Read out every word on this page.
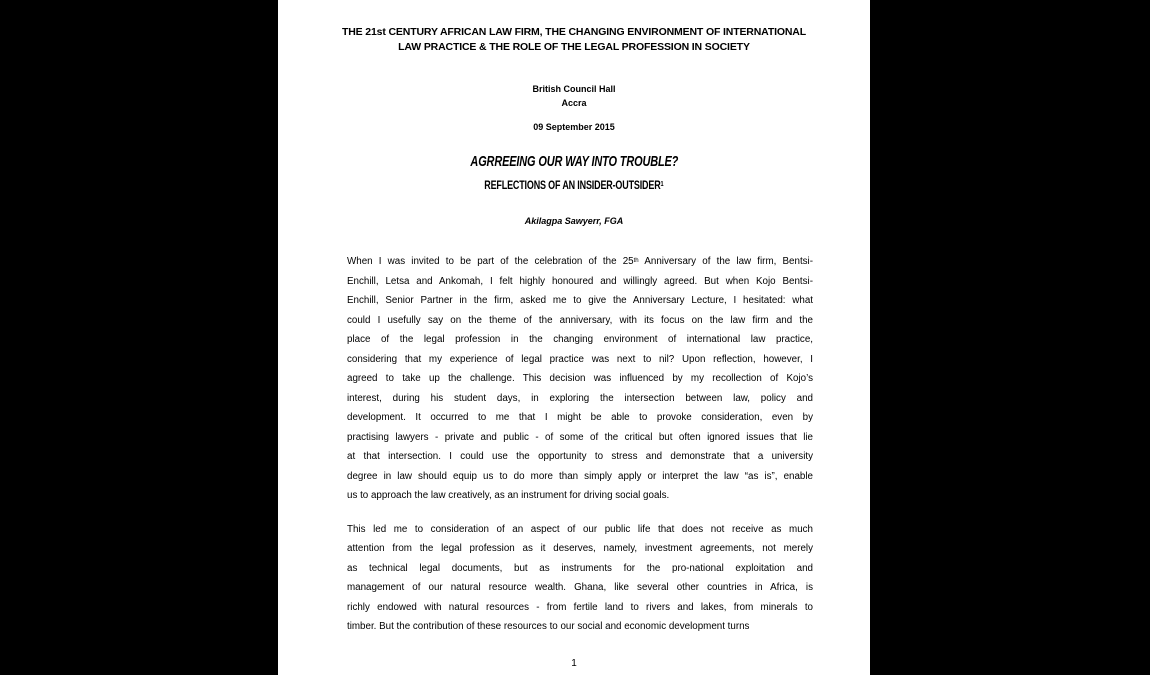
THE 21st CENTURY AFRICAN LAW FIRM, THE CHANGING ENVIRONMENT OF INTERNATIONAL
LAW PRACTICE & THE ROLE OF THE LEGAL PROFESSION IN SOCIETY
British Council Hall
Accra
09 September 2015
AGRREEING OUR WAY INTO TROUBLE?
REFLECTIONS OF AN INSIDER-OUTSIDER$^1$
Akilagpa Sawyerr, FGA
When I was invited to be part of the celebration of the 25th Anniversary of the law firm, Bentsi-
Enchill, Letsa and Ankomah, I felt highly honoured and willingly agreed. But when Kojo Bentsi-
Enchill, Senior Partner in the firm, asked me to give the Anniversary Lecture, I hesitated: what
could I usefully say on the theme of the anniversary, with its focus on the law firm and the
place of the legal profession in the changing environment of international law practice,
considering that my experience of legal practice was next to nil? Upon reflection, however, I
agreed to take up the challenge. This decision was influenced by my recollection of Kojo’s
interest, during his student days, in exploring the intersection between law, policy and
development. It occurred to me that I might be able to provoke consideration, even by
practising lawyers - private and public - of some of the critical but often ignored issues that lie
at that intersection. I could use the opportunity to stress and demonstrate that a university
degree in law should equip us to do more than simply apply or interpret the law “as is”, enable
us to approach the law creatively, as an instrument for driving social goals.
This led me to consideration of an aspect of our public life that does not receive as much
attention from the legal profession as it deserves, namely, investment agreements, not merely
as technical legal documents, but as instruments for the pro-national exploitation and
management of our natural resource wealth. Ghana, like several other countries in Africa, is
richly endowed with natural resources - from fertile land to rivers and lakes, from minerals to
timber. But the contribution of these resources to our social and economic development turns
1
